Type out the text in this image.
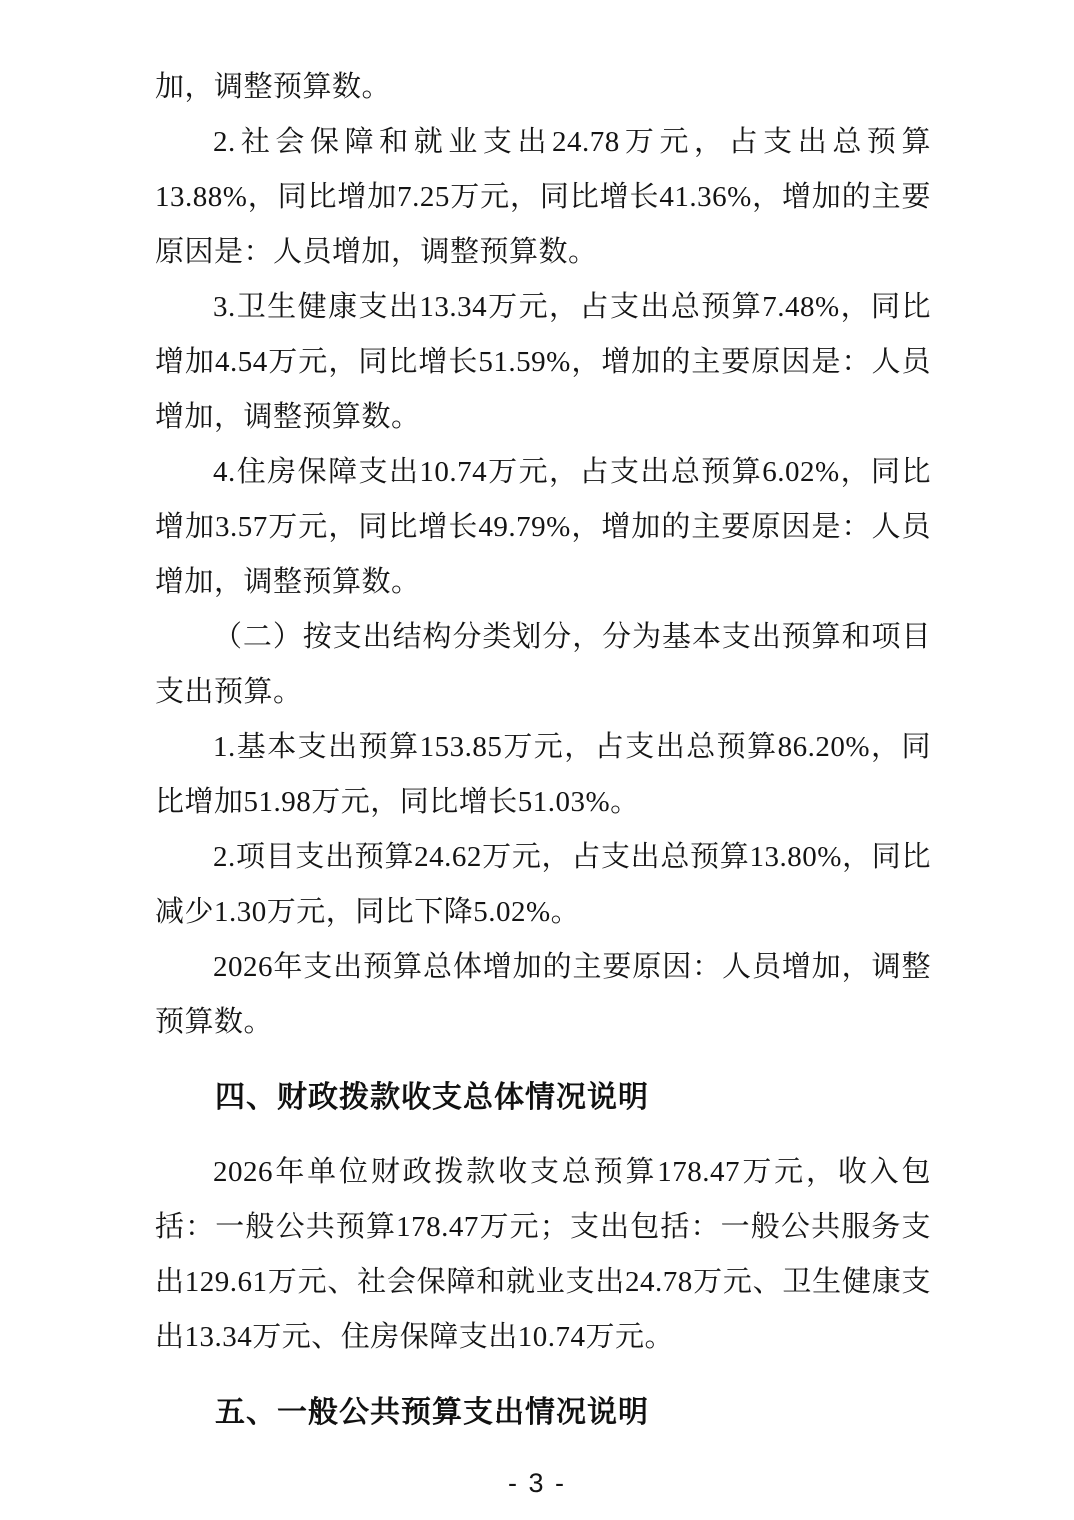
加，调整预算数。

2.社会保障和就业支出24.78万元，占支出总预算13.88%，同比增加7.25万元，同比增长41.36%，增加的主要原因是：人员增加，调整预算数。

3.卫生健康支出13.34万元，占支出总预算7.48%，同比增加4.54万元，同比增长51.59%，增加的主要原因是：人员增加，调整预算数。

4.住房保障支出10.74万元，占支出总预算6.02%，同比增加3.57万元，同比增长49.79%，增加的主要原因是：人员增加，调整预算数。

（二）按支出结构分类划分，分为基本支出预算和项目支出预算。

1.基本支出预算153.85万元，占支出总预算86.20%，同比增加51.98万元，同比增长51.03%。

2.项目支出预算24.62万元，占支出总预算13.80%，同比减少1.30万元，同比下降5.02%。

2026年支出预算总体增加的主要原因：人员增加，调整预算数。

四、财政拨款收支总体情况说明

2026年单位财政拨款收支总预算178.47万元，收入包括：一般公共预算178.47万元；支出包括：一般公共服务支出129.61万元、社会保障和就业支出24.78万元、卫生健康支出13.34万元、住房保障支出10.74万元。

五、一般公共预算支出情况说明
- 3 -
